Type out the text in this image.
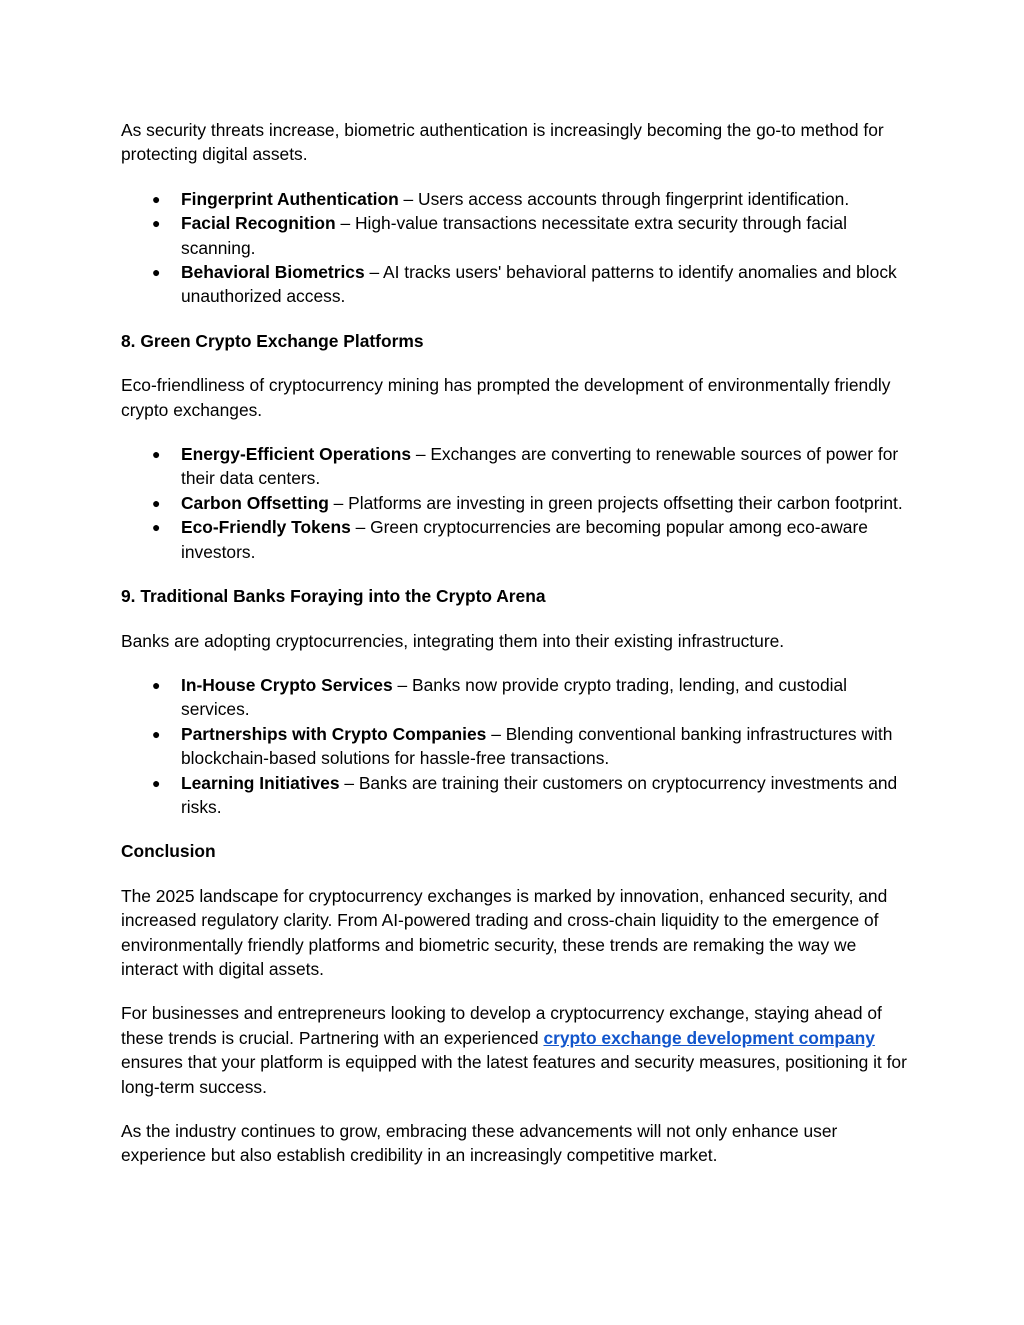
As security threats increase, biometric authentication is increasingly becoming the go-to method for protecting digital assets.

● Fingerprint Authentication – Users access accounts through fingerprint identification.
● Facial Recognition – High-value transactions necessitate extra security through facial scanning.
● Behavioral Biometrics – AI tracks users' behavioral patterns to identify anomalies and block unauthorized access.
8. Green Crypto Exchange Platforms

Eco-friendliness of cryptocurrency mining has prompted the development of environmentally friendly crypto exchanges.

● Energy-Efficient Operations – Exchanges are converting to renewable sources of power for their data centers.
● Carbon Offsetting – Platforms are investing in green projects offsetting their carbon footprint.
● Eco-Friendly Tokens – Green cryptocurrencies are becoming popular among eco-aware investors.
9. Traditional Banks Foraying into the Crypto Arena

Banks are adopting cryptocurrencies, integrating them into their existing infrastructure.

● In-House Crypto Services – Banks now provide crypto trading, lending, and custodial services.
● Partnerships with Crypto Companies – Blending conventional banking infrastructures with blockchain-based solutions for hassle-free transactions.
● Learning Initiatives – Banks are training their customers on cryptocurrency investments and risks.
Conclusion

The 2025 landscape for cryptocurrency exchanges is marked by innovation, enhanced security, and increased regulatory clarity. From AI-powered trading and cross-chain liquidity to the emergence of environmentally friendly platforms and biometric security, these trends are remaking the way we interact with digital assets.

For businesses and entrepreneurs looking to develop a cryptocurrency exchange, staying ahead of these trends is crucial. Partnering with an experienced crypto exchange development company ensures that your platform is equipped with the latest features and security measures, positioning it for long-term success.

As the industry continues to grow, embracing these advancements will not only enhance user experience but also establish credibility in an increasingly competitive market.
